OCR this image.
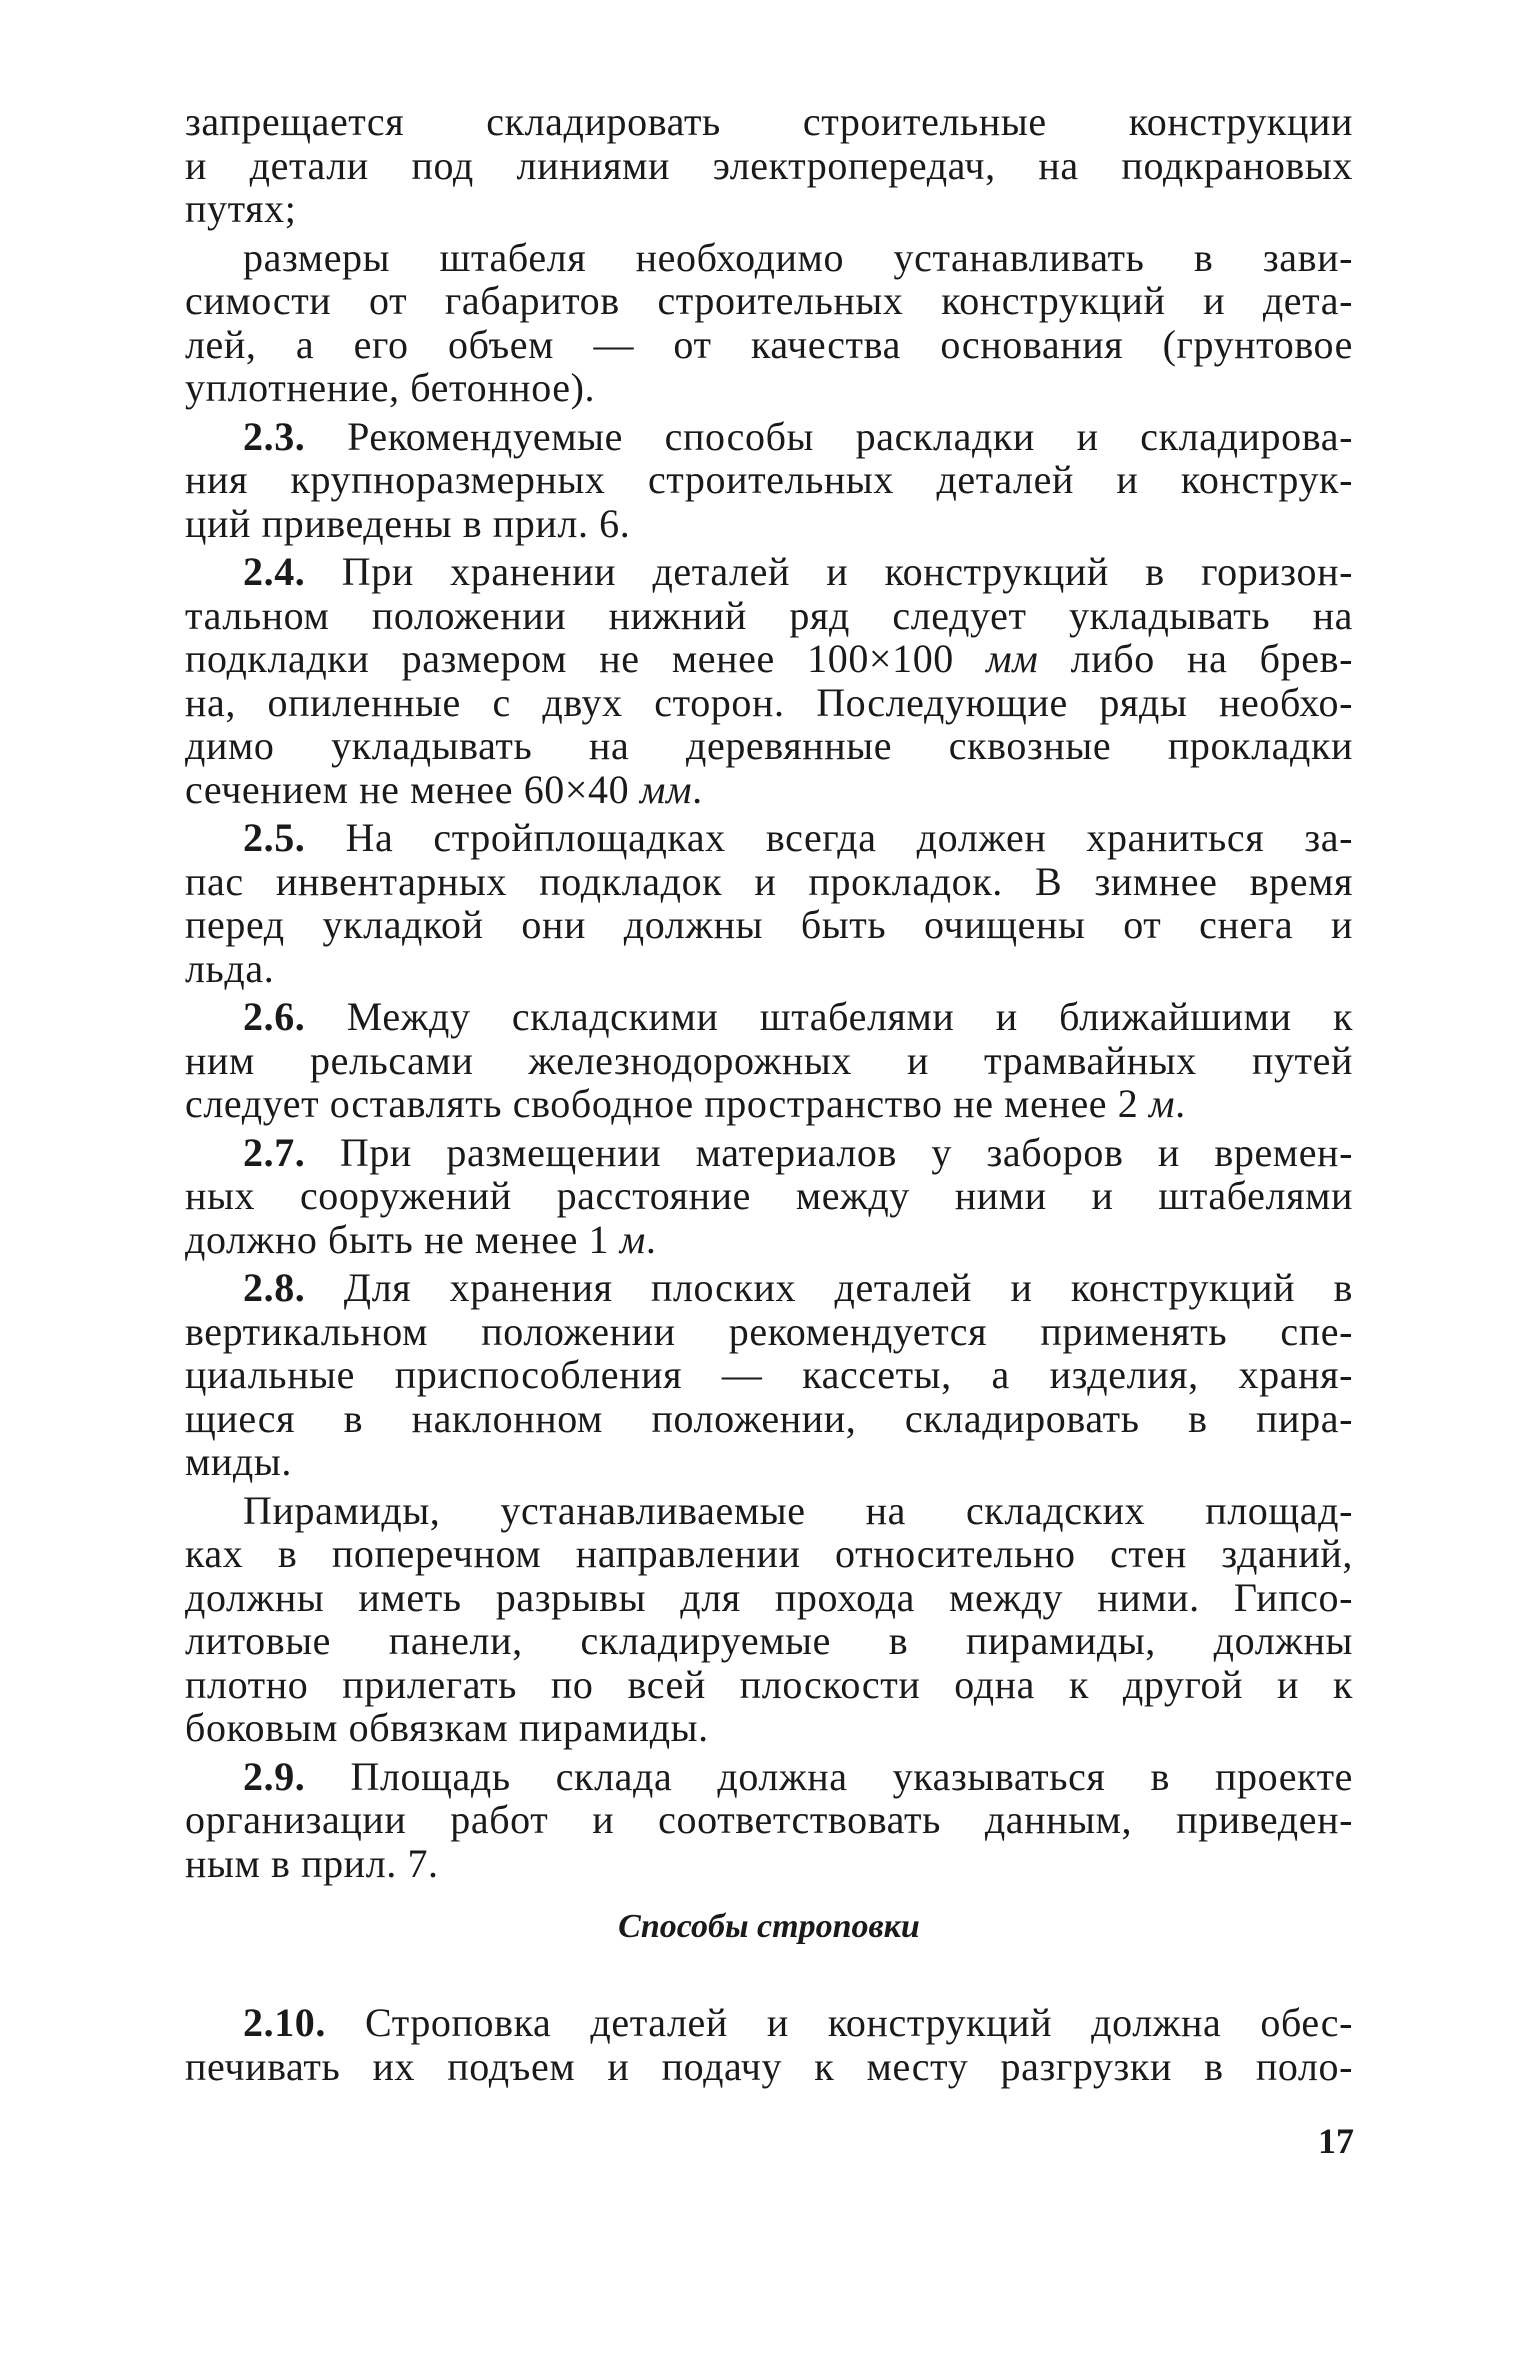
запрещается складировать строительные конструкции
и детали под линиями электропередач, на подкрановых
путях;
размеры штабеля необходимо устанавливать в зави-
симости от габаритов строительных конструкций и дета-
лей, а его объем — от качества основания (грунтовое
уплотнение, бетонное).
2.3. Рекомендуемые способы раскладки и складирова-
ния крупноразмерных строительных деталей и конструк-
ций приведены в прил. 6.
2.4. При хранении деталей и конструкций в горизон-
тальном положении нижний ряд следует укладывать на
подкладки размером не менее 100×100 мм либо на брев-
на, опиленные с двух сторон. Последующие ряды необхо-
димо укладывать на деревянные сквозные прокладки
сечением не менее 60×40 мм.
2.5. На стройплощадках всегда должен храниться за-
пас инвентарных подкладок и прокладок. В зимнее время
перед укладкой они должны быть очищены от снега и
льда.
2.6. Между складскими штабелями и ближайшими к
ним рельсами железнодорожных и трамвайных путей
следует оставлять свободное пространство не менее 2 м.
2.7. При размещении материалов у заборов и времен-
ных сооружений расстояние между ними и штабелями
должно быть не менее 1 м.
2.8. Для хранения плоских деталей и конструкций в
вертикальном положении рекомендуется применять спе-
циальные приспособления — кассеты, а изделия, храня-
щиеся в наклонном положении, складировать в пира-
миды.
Пирамиды, устанавливаемые на складских площад-
ках в поперечном направлении относительно стен зданий,
должны иметь разрывы для прохода между ними. Гипсо-
литовые панели, складируемые в пирамиды, должны
плотно прилегать по всей плоскости одна к другой и к
боковым обвязкам пирамиды.
2.9. Площадь склада должна указываться в проекте
организации работ и соответствовать данным, приведен-
ным в прил. 7.
Способы строповки
2.10. Строповка деталей и конструкций должна обес-
печивать их подъем и подачу к месту разгрузки в поло-
17
